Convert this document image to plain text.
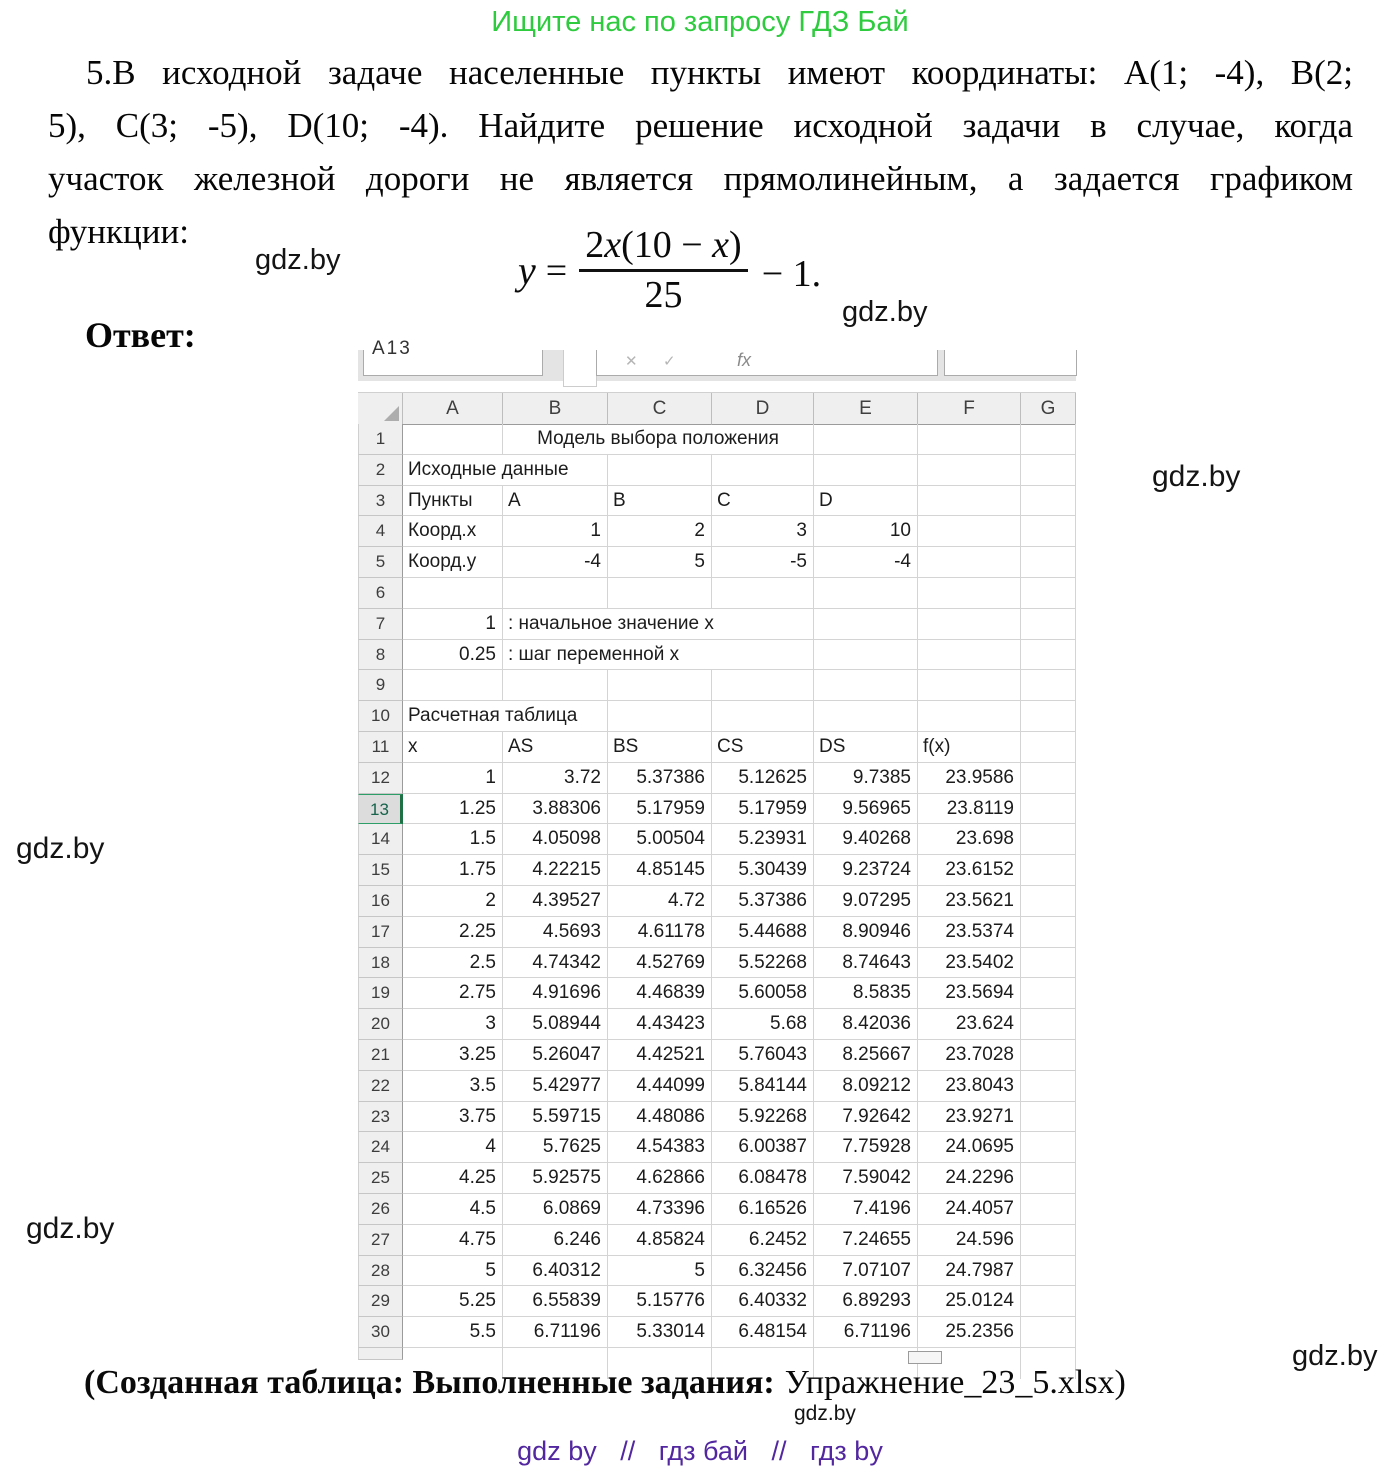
Ищите нас по запросу ГДЗ Бай
5.В исходной задаче населенные пункты имеют координаты: А(1; -4), В(2;
5), С(3; -5), D(10; -4). Найдите решение исходной задачи в случае, когда
участок железной дороги не является прямолинейным, а задается графиком
функции:
$y = \frac{2x(10 - x)}{25} - 1$.
Ответ:
gdz.by
gdz.by
gdz.by
gdz.by
gdz.by
gdz.by
gdz.by
A13
✕ ✓	fx
A	B	C	D	E	F	G
1	Модель выбора положения
2	Исходные данные
3	Пункты	A	B	C	D
4	Коорд.x	1	2	3	10
5	Коорд.y	-4	5	-5	-4
6
7	1 : начальное значение x
8	0.25 : шаг переменной x
9
10 Расчетная таблица
11 x	AS	BS	CS	DS	f(x)
12	1	3.72	5.37386	5.12625	9.7385	23.9586
13	1.25	3.88306	5.17959	5.17959	9.56965	23.8119
14	1.5	4.05098	5.00504	5.23931	9.40268	23.698
15	1.75	4.22215	4.85145	5.30439	9.23724	23.6152
16	2	4.39527	4.72	5.37386	9.07295	23.5621
17	2.25	4.5693	4.61178	5.44688	8.90946	23.5374
18	2.5	4.74342	4.52769	5.52268	8.74643	23.5402
19	2.75	4.91696	4.46839	5.60058	8.5835	23.5694
20	3	5.08944	4.43423	5.68	8.42036	23.624
21	3.25	5.26047	4.42521	5.76043	8.25667	23.7028
22	3.5	5.42977	4.44099	5.84144	8.09212	23.8043
23	3.75	5.59715	4.48086	5.92268	7.92642	23.9271
24	4	5.7625	4.54383	6.00387	7.75928	24.0695
25	4.25	5.92575	4.62866	6.08478	7.59042	24.2296
26	4.5	6.0869	4.73396	6.16526	7.4196	24.4057
27	4.75	6.246	4.85824	6.2452	7.24655	24.596
28	5	6.40312	5	6.32456	7.07107	24.7987
29	5.25	6.55839	5.15776	6.40332	6.89293	25.0124
30	5.5	6.71196	5.33014	6.48154	6.71196	25.2356
(Созданная таблица: Выполненные задания: Упражнение_23_5.xlsx)
gdz by // гдз бай // гдз by
